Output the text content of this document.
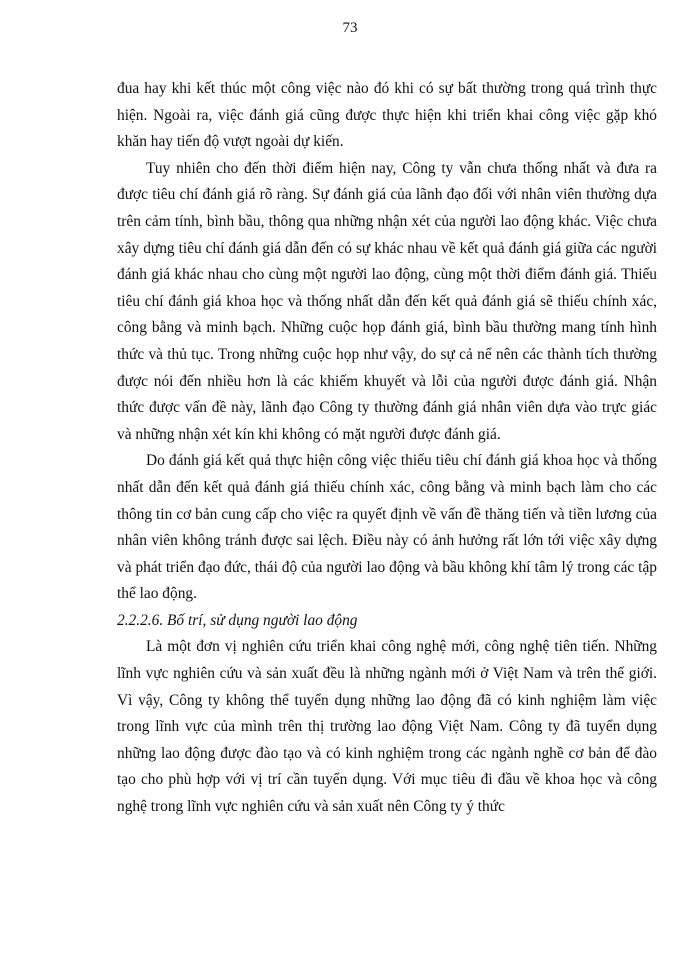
73

đua hay khi kết thúc một công việc nào đó khi có sự bất thường trong quá trình thực hiện. Ngoài ra, việc đánh giá cũng được thực hiện khi triển khai công việc gặp khó khăn hay tiến độ vượt ngoài dự kiến.

Tuy nhiên cho đến thời điểm hiện nay, Công ty vẫn chưa thống nhất và đưa ra được tiêu chí đánh giá rõ ràng. Sự đánh giá của lãnh đạo đối với nhân viên thường dựa trên cảm tính, bình bầu, thông qua những nhận xét của người lao động khác. Việc chưa xây dựng tiêu chí đánh giá dẫn đến có sự khác nhau về kết quả đánh giá giữa các người đánh giá khác nhau cho cùng một người lao động, cùng một thời điểm đánh giá. Thiếu tiêu chí đánh giá khoa học và thống nhất dẫn đến kết quả đánh giá sẽ thiếu chính xác, công bằng và minh bạch. Những cuộc họp đánh giá, bình bầu thường mang tính hình thức và thủ tục. Trong những cuộc họp như vậy, do sự cả nể nên các thành tích thường được nói đến nhiều hơn là các khiếm khuyết và lỗi của người được đánh giá. Nhận thức được vấn đề này, lãnh đạo Công ty thường đánh giá nhân viên dựa vào trực giác và những nhận xét kín khi không có mặt người được đánh giá.

Do đánh giá kết quả thực hiện công việc thiếu tiêu chí đánh giá khoa học và thống nhất dẫn đến kết quả đánh giá thiếu chính xác, công bằng và minh bạch làm cho các thông tin cơ bản cung cấp cho việc ra quyết định về vấn đề thăng tiến và tiền lương của nhân viên không tránh được sai lệch. Điều này có ảnh hưởng rất lớn tới việc xây dựng và phát triển đạo đức, thái độ của người lao động và bầu không khí tâm lý trong các tập thể lao động.

2.2.2.6. Bố trí, sử dụng người lao động

Là một đơn vị nghiên cứu triển khai công nghệ mới, công nghệ tiên tiến. Những lĩnh vực nghiên cứu và sản xuất đều là những ngành mới ở Việt Nam và trên thế giới. Vì vậy, Công ty không thể tuyển dụng những lao động đã có kinh nghiệm làm việc trong lĩnh vực của mình trên thị trường lao động Việt Nam. Công ty đã tuyển dụng những lao động được đào tạo và có kinh nghiệm trong các ngành nghề cơ bản để đào tạo cho phù hợp với vị trí cần tuyển dụng. Với mục tiêu đi đầu về khoa học và công nghệ trong lĩnh vực nghiên cứu và sản xuất nên Công ty ý thức
